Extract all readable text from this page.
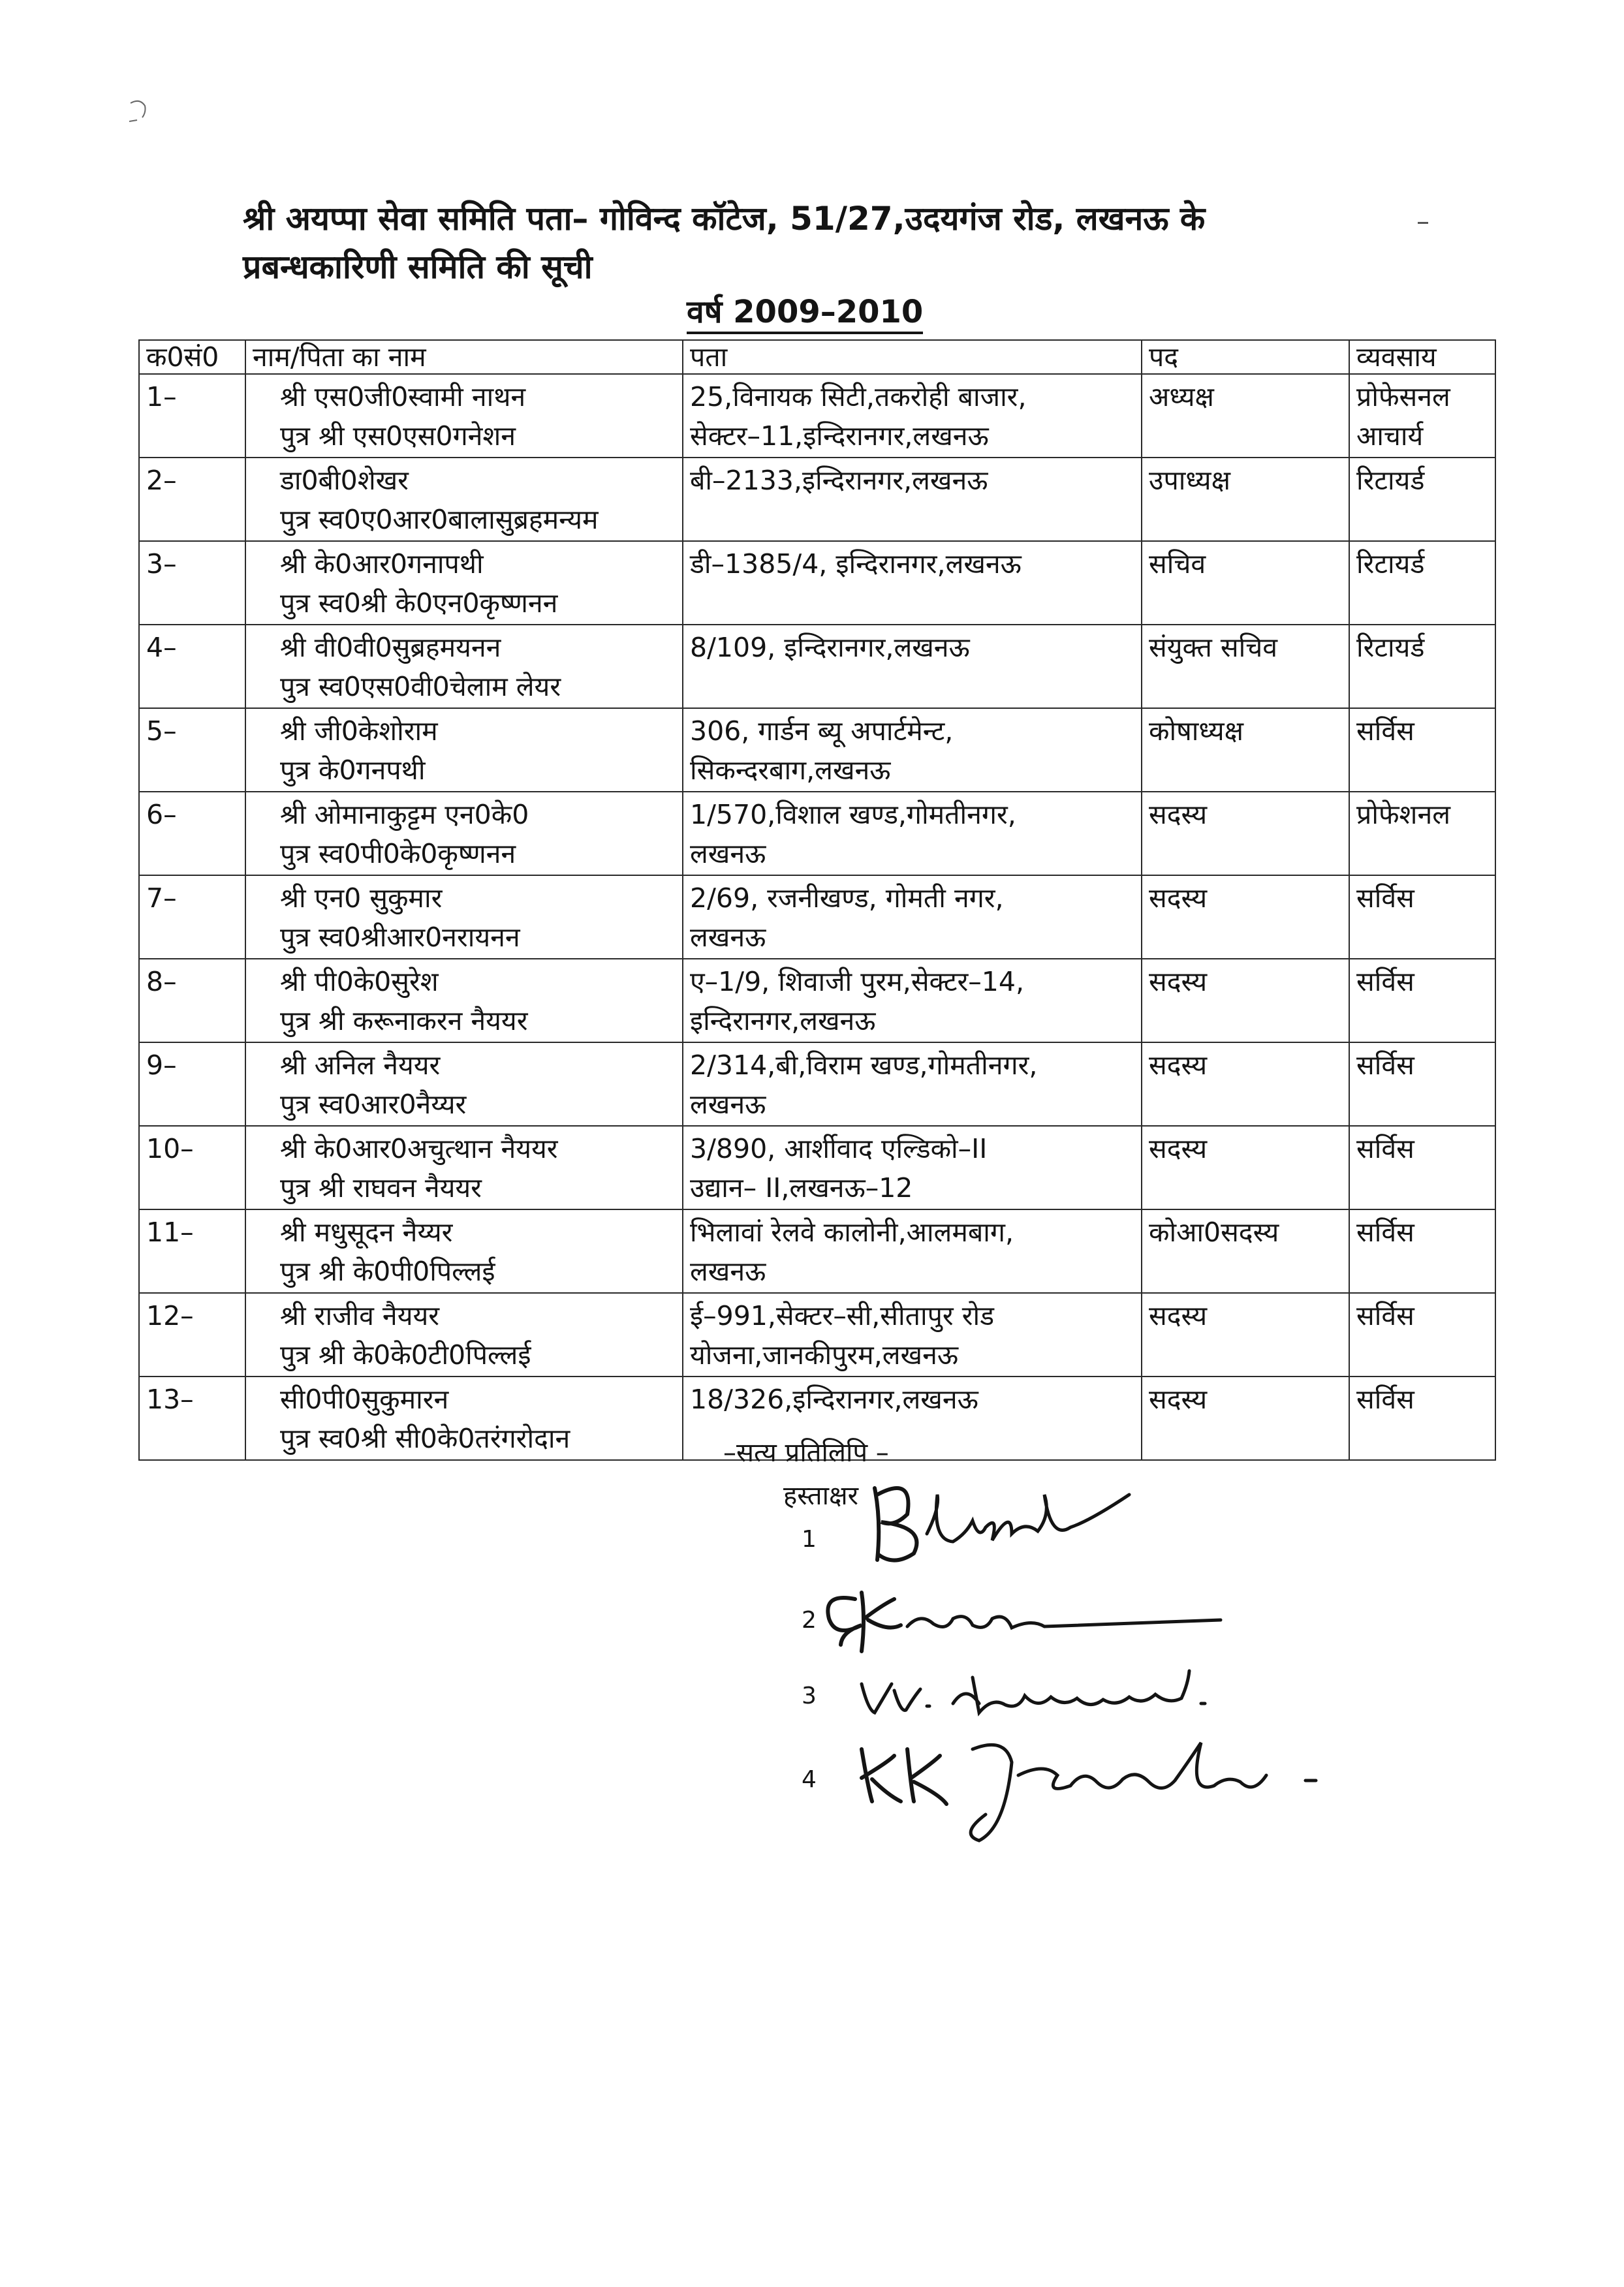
श्री अयप्पा सेवा समिति पता– गोविन्द कॉटेज, 51/27,उदयगंज रोड, लखनऊ के
प्रबन्धकारिणी समिति की सूची
वर्ष 2009–2010
क0सं0	नाम/पिता का नाम	पता	पद	व्यवसाय
1–	श्री एस0जी0स्वामी नाथन
पुत्र श्री एस0एस0गनेशन	25,विनायक सिटी,तकरोही बाजार,
सेक्टर–11,इन्दिरानगर,लखनऊ	अध्यक्ष	प्रोफेसनल
आचार्य

2–	डा0बी0शेखर
पुत्र स्व0ए0आर0बालासुब्रहमन्यम	बी–2133,इन्दिरानगर,लखनऊ	उपाध्यक्ष	रिटायर्ड

3–	श्री के0आर0गनापथी
पुत्र स्व0श्री के0एन0कृष्णनन	डी–1385/4, इन्दिरानगर,लखनऊ	सचिव	रिटायर्ड

4–	श्री वी0वी0सुब्रहमयनन
पुत्र स्व0एस0वी0चेलाम लेयर	8/109, इन्दिरानगर,लखनऊ	संयुक्त सचिव	रिटायर्ड

5–	श्री जी0केशोराम
पुत्र के0गनपथी	306, गार्डन ब्यू अपार्टमेन्ट,
सिकन्दरबाग,लखनऊ	कोषाध्यक्ष	सर्विस

6–	श्री ओमानाकुट्टम एन0के0
पुत्र स्व0पी0के0कृष्णनन	1/570,विशाल खण्ड,गोमतीनगर,
लखनऊ	सदस्य	प्रोफेशनल

7–	श्री एन0 सुकुमार
पुत्र स्व0श्रीआर0नरायनन	2/69, रजनीखण्ड, गोमती नगर,
लखनऊ	सदस्य	सर्विस

8–	श्री पी0के0सुरेश
पुत्र श्री करूनाकरन नैययर	ए–1/9, शिवाजी पुरम,सेक्टर–14,
इन्दिरानगर,लखनऊ	सदस्य	सर्विस

9–	श्री अनिल नैययर
पुत्र स्व0आर0नैय्यर	2/314,बी,विराम खण्ड,गोमतीनगर,
लखनऊ	सदस्य	सर्विस

10–	श्री के0आर0अचुत्थान नैययर
पुत्र श्री राघवन नैययर	3/890, आर्शीवाद एल्डिको–II
उद्यान– II,लखनऊ–12	सदस्य	सर्विस

11–	श्री मधुसूदन नैय्यर
पुत्र श्री के0पी0पिल्लई	भिलावां रेलवे कालोनी,आलमबाग,
लखनऊ	कोआ0सदस्य	सर्विस

12–	श्री राजीव नैययर
पुत्र श्री के0के0टी0पिल्लई	ई–991,सेक्टर–सी,सीतापुर रोड
योजना,जानकीपुरम,लखनऊ	सदस्य	सर्विस

13–	सी0पी0सुकुमारन
पुत्र स्व0श्री सी0के0तरंगरोदान	18/326,इन्दिरानगर,लखनऊ	सदस्य	सर्विस

–सत्य प्रतिलिपि –

हस्ताक्षर

1
2
3
4
